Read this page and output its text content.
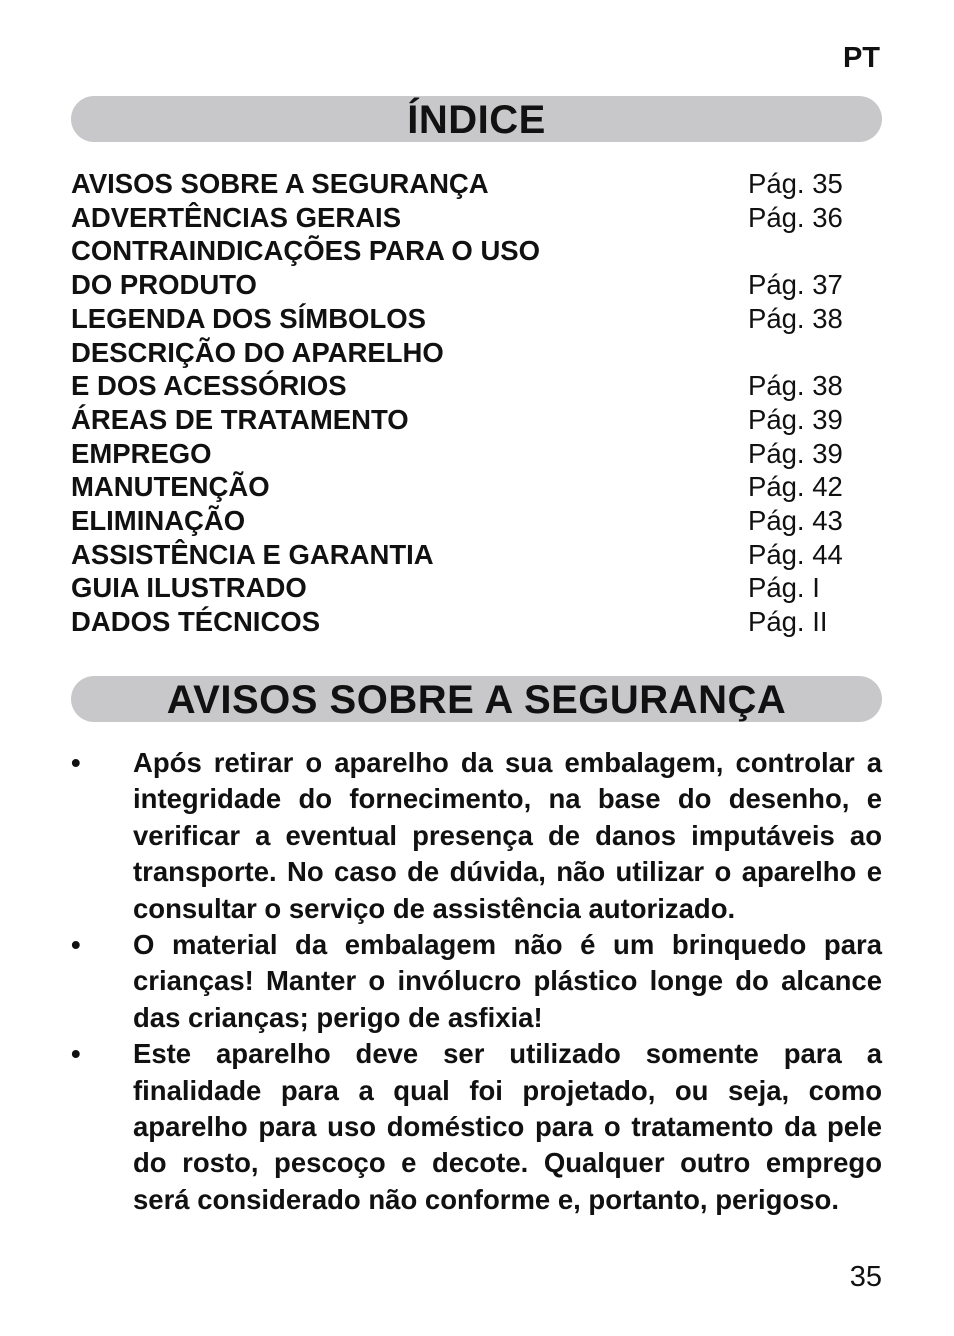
PT
ÍNDICE
AVISOS SOBRE A SEGURANÇA	Pág. 35
ADVERTÊNCIAS GERAIS	Pág. 36
CONTRAINDICAÇÕES PARA O USO
DO PRODUTO	Pág. 37
LEGENDA DOS SÍMBOLOS	Pág. 38
DESCRIÇÃO DO APARELHO
E DOS ACESSÓRIOS	Pág. 38
ÁREAS DE TRATAMENTO	Pág. 39
EMPREGO	Pág. 39
MANUTENÇÃO	Pág. 42
ELIMINAÇÃO	Pág. 43
ASSISTÊNCIA E GARANTIA	Pág. 44
GUIA ILUSTRADO	Pág. I
DADOS TÉCNICOS	Pág. II
AVISOS SOBRE A SEGURANÇA
• Após retirar o aparelho da sua embalagem, controlar a integridade do fornecimento, na base do desenho, e verificar a eventual presença de danos imputáveis ao transporte. No caso de dúvida, não utilizar o aparelho e consultar o serviço de assistência autorizado.
• O material da embalagem não é um brinquedo para crianças! Manter o invólucro plástico longe do alcance das crianças; perigo de asfixia!
• Este aparelho deve ser utilizado somente para a finalidade para a qual foi projetado, ou seja, como aparelho para uso doméstico para o tratamento da pele do rosto, pescoço e decote. Qualquer outro emprego será considerado não conforme e, portanto, perigoso.
35
